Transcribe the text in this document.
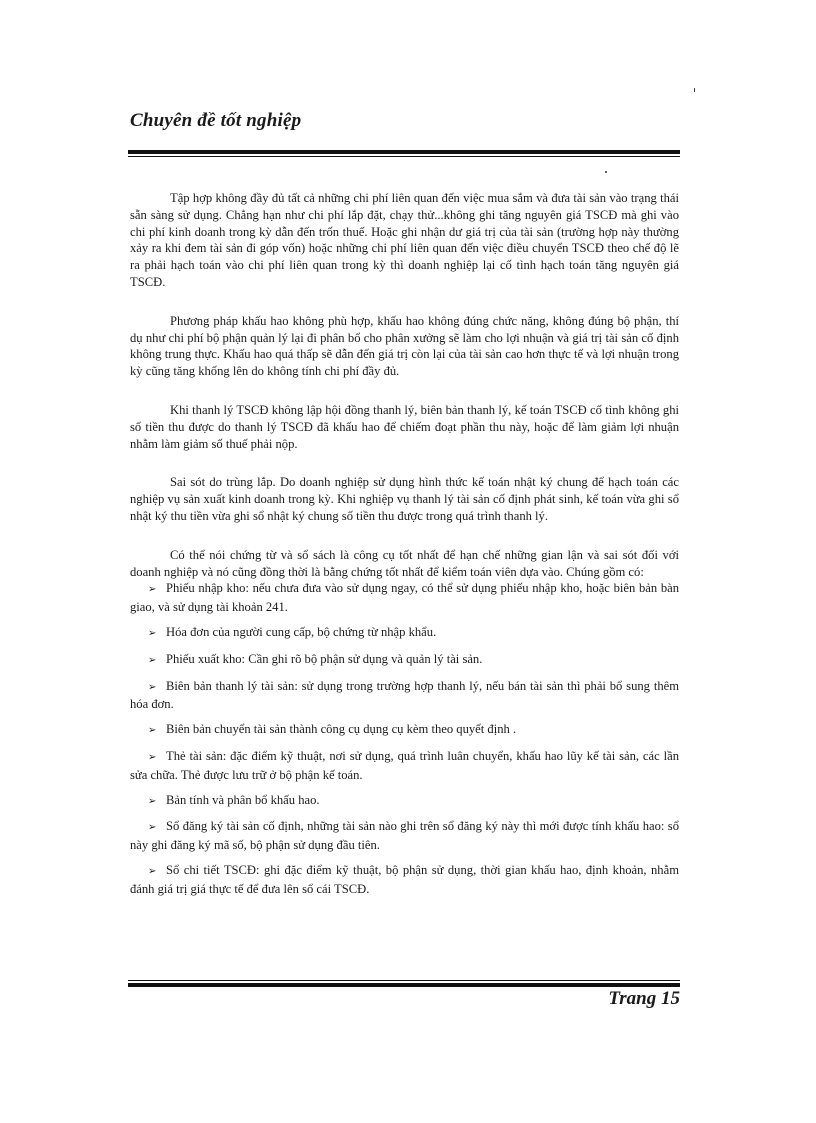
Chuyên đề tốt nghiệp

Tập hợp không đầy đủ tất cả những chi phí liên quan đến việc mua sắm và đưa tài sản vào trạng thái sẵn sàng sử dụng. Chẳng hạn như chi phí lắp đặt, chạy thử...không ghi tăng nguyên giá TSCĐ mà ghi vào chi phí kinh doanh trong kỳ dẫn đến trốn thuế. Hoặc ghi nhận dư giá trị của tài sản (trường hợp này thường xảy ra khi đem tài sản đi góp vốn) hoặc những chi phí liên quan đến việc điều chuyển TSCĐ theo chế độ lẽ ra phải hạch toán vào chi phí liên quan trong kỳ thì doanh nghiệp lại cố tình hạch toán tăng nguyên giá TSCĐ.

Phương pháp khấu hao không phù hợp, khấu hao không đúng chức năng, không đúng bộ phận, thí dụ như chi phí bộ phận quản lý lại đi phân bổ cho phân xưởng sẽ làm cho lợi nhuận và giá trị tài sản cố định không trung thực. Khấu hao quá thấp sẽ dẫn đến giá trị còn lại của tài sản cao hơn thực tế và lợi nhuận trong kỳ cũng tăng khống lên do không tính chi phí đầy đủ.

Khi thanh lý TSCĐ không lập hội đồng thanh lý, biên bản thanh lý, kế toán TSCĐ cố tình không ghi số tiền thu được do thanh lý TSCĐ đã khấu hao để chiếm đoạt phần thu này, hoặc để làm giảm lợi nhuận nhằm làm giảm số thuế phải nộp.

Sai sót do trùng lắp. Do doanh nghiệp sử dụng hình thức kế toán nhật ký chung để hạch toán các nghiệp vụ sản xuất kinh doanh trong kỳ. Khi nghiệp vụ thanh lý tài sản cố định phát sinh, kế toán vừa ghi sổ nhật ký thu tiền vừa ghi sổ nhật ký chung số tiền thu được trong quá trình thanh lý.

Có thể nói chứng từ và sổ sách là công cụ tốt nhất để hạn chế những gian lận và sai sót đối với doanh nghiệp và nó cũng đồng thời là bằng chứng tốt nhất để kiểm toán viên dựa vào. Chúng gồm có:

➢ Phiếu nhập kho: nếu chưa đưa vào sử dụng ngay, có thể sử dụng phiếu nhập kho, hoặc biên bản bàn giao, và sử dụng tài khoản 241.
➢ Hóa đơn của người cung cấp, bộ chứng từ nhập khẩu.
➢ Phiếu xuất kho: Cần ghi rõ bộ phận sử dụng và quản lý tài sản.
➢ Biên bản thanh lý tài sản: sử dụng trong trường hợp thanh lý, nếu bán tài sản thì phải bổ sung thêm hóa đơn.
➢ Biên bản chuyển tài sản thành công cụ dụng cụ kèm theo quyết định .
➢ Thẻ tài sản: đặc điểm kỹ thuật, nơi sử dụng, quá trình luân chuyển, khấu hao lũy kế tài sản, các lần sửa chữa. Thẻ được lưu trữ ở bộ phận kế toán.
➢ Bản tính và phân bổ khấu hao.
➢ Sổ đăng ký tài sản cố định, những tài sản nào ghi trên sổ đăng ký này thì mới được tính khấu hao: sổ này ghi đăng ký mã số, bộ phận sử dụng đầu tiên.
➢ Sổ chi tiết TSCĐ: ghi đặc điểm kỹ thuật, bộ phận sử dụng, thời gian khấu hao, định khoản, nhằm đánh giá trị giá thực tế để đưa lên sổ cái TSCĐ.
Trang 15
